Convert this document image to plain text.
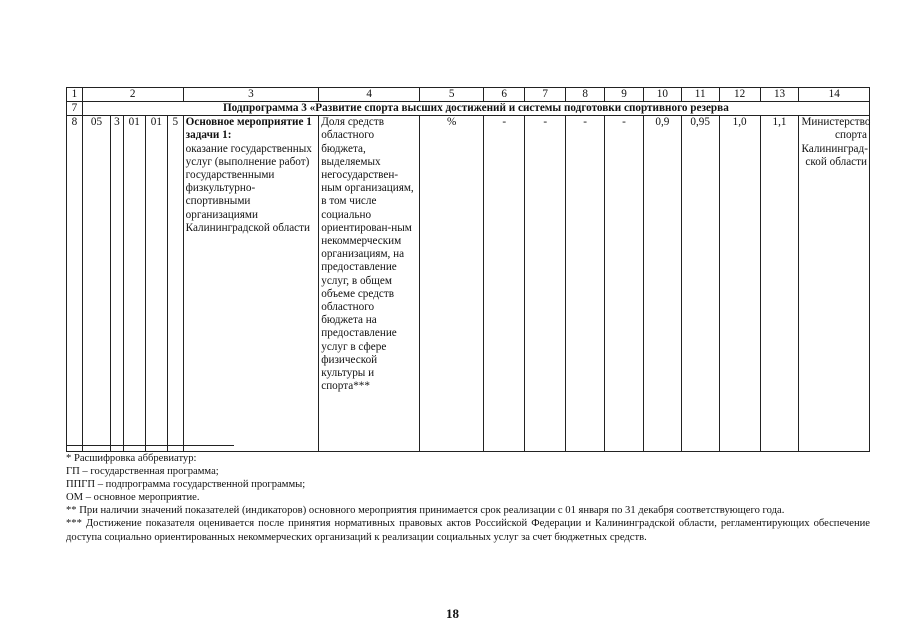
1	2					3	4	5	6	7	8	9	10	11	12	13	14
7	Подпрограмма 3 «Развитие спорта высших достижений и системы подготовки спортивного резерва																
8	05	3	01	01	5	Основное мероприятие 1 задачи 1:
оказание государственных услуг (выполнение работ) государственными физкультурно-спортивными организациями Калининградской области	Доля средств областного бюджета, выделяемых негосударствен-ным организациям, в том числе социально ориентирован-ным некоммерческим организациям, на предоставление услуг, в общем объеме средств областного бюджета на предоставление услуг в сфере физической культуры и спорта***	%	-	-	-	-	0,9	0,95	1,0	1,1	Министерство спорта Калининград-ской области

* Расшифровка аббревиатур:

ГП – государственная программа;

ППГП – подпрограмма государственной программы;

ОМ – основное мероприятие.

** При наличии значений показателей (индикаторов) основного мероприятия принимается срок реализации с 01 января по 31 декабря соответствующего года.

*** Достижение показателя оценивается после принятия нормативных правовых актов Российской Федерации и Калининградской области, регламентирующих обеспечение доступа социально ориентированных некоммерческих организаций к реализации социальных услуг за счет бюджетных средств.

18
